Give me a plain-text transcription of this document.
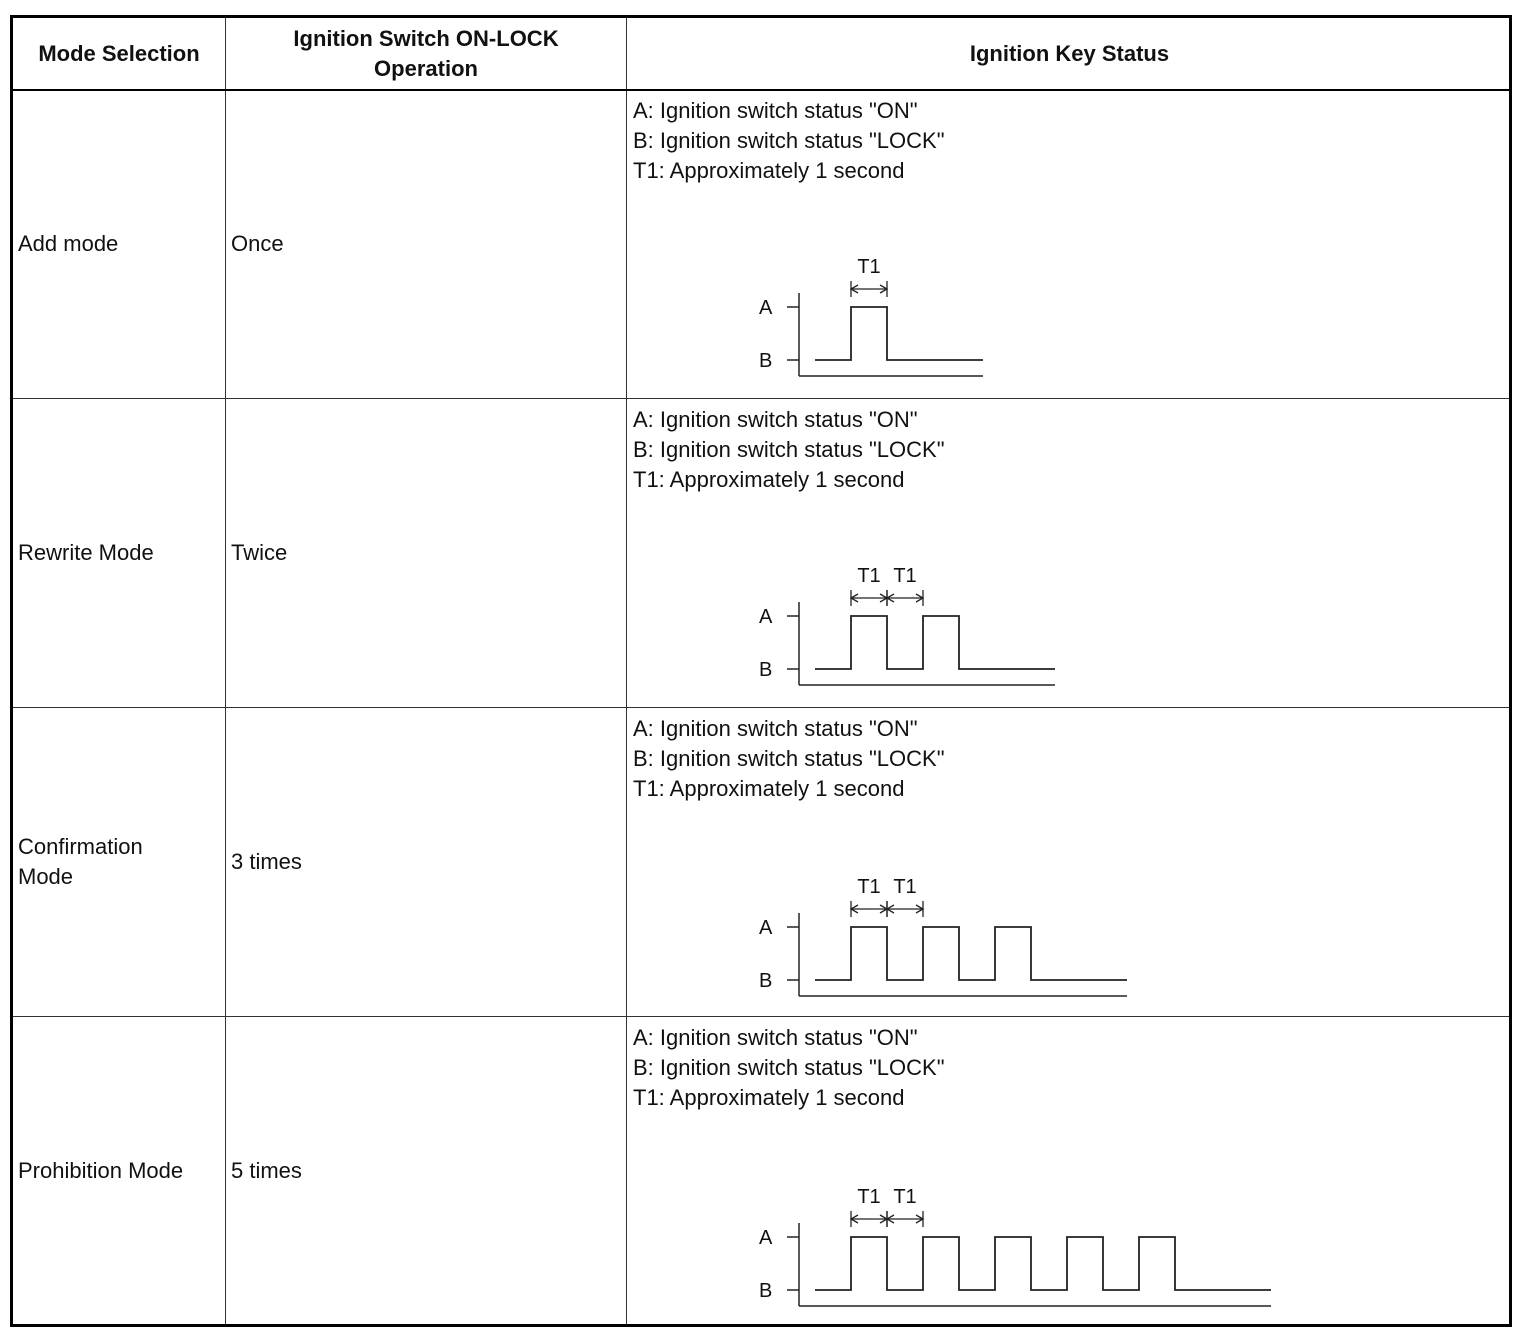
Mode Selection
Ignition Switch ON-LOCK
Operation
Ignition Key Status
Add mode	Once
A: Ignition switch status "ON"
B: Ignition switch status "LOCK"
T1: Approximately 1 second
A
B
T1
Rewrite Mode	Twice
A: Ignition switch status "ON"
B: Ignition switch status "LOCK"
T1: Approximately 1 second
A
B
T1 T1
Confirmation
Mode
3 times
A: Ignition switch status "ON"
B: Ignition switch status "LOCK"
T1: Approximately 1 second
A
B
T1 T1
Prohibition Mode 5 times
A: Ignition switch status "ON"
B: Ignition switch status "LOCK"
T1: Approximately 1 second
A
B
T1 T1
